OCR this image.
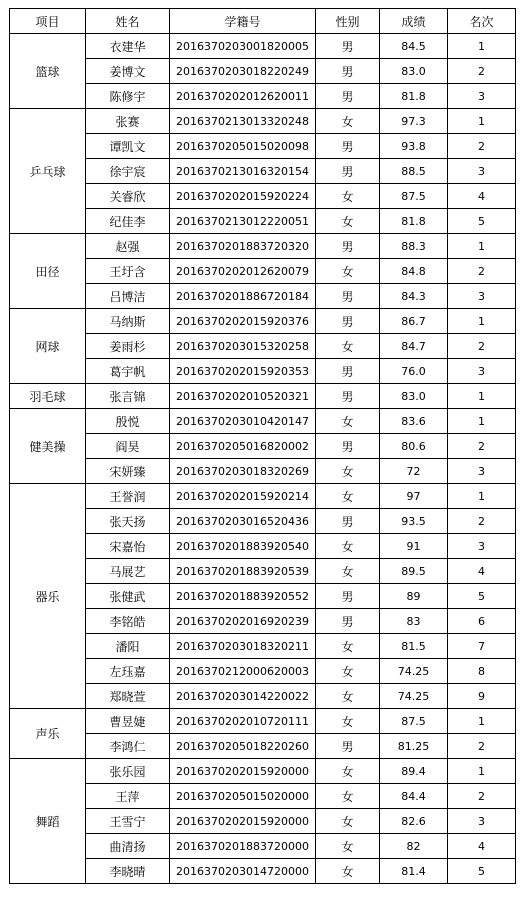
项目	姓名	学籍号	性别	成绩	名次
篮球	衣建华	2016370203001820005	男	84.5	1
	姜博文	2016370203018220249	男	83.0	2
	陈修宇	2016370202012620011	男	81.8	3
乒乓球	张赛	2016370213013320248	女	97.3	1
	谭凯文	2016370205015020098	男	93.8	2
	徐宇宸	2016370213016320154	男	88.5	3
	关睿欣	2016370202015920224	女	87.5	4
	纪佳李	2016370213012220051	女	81.8	5
田径	赵强	2016370201883720320	男	88.3	1
	王圩含	2016370202012620079	女	84.8	2
	吕博洁	2016370201886720184	男	84.3	3
网球	马纳斯	2016370202015920376	男	86.7	1
	姜雨杉	2016370203015320258	女	84.7	2
	葛宇帆	2016370202015920353	男	76.0	3
羽毛球	张言锦	2016370202010520321	男	83.0	1
健美操	殷悦	2016370203010420147	女	83.6	1
	阎昊	2016370205016820002	男	80.6	2
	宋妍臻	2016370203018320269	女	72	3
器乐	王誉润	2016370202015920214	女	97	1
	张天扬	2016370203016520436	男	93.5	2
	宋嘉怡	2016370201883920540	女	91	3
	马展艺	2016370201883920539	女	89.5	4
	张健武	2016370201883920552	男	89	5
	李铭皓	2016370202016920239	男	83	6
	潘阳	2016370203018320211	女	81.5	7
	左珏嘉	2016370212000620003	女	74.25	8
	郑晓萱	2016370203014220022	女	74.25	9
声乐	曹昱婕	2016370202010720111	女	87.5	1
	李鸿仁	2016370205018220260	男	81.25	2
舞蹈	张乐园	2016370202015920000	女	89.4	1
	王萍	2016370205015020000	女	84.4	2
	王雪宁	2016370202015920000	女	82.6	3
	曲清扬	2016370201883720000	女	82	4
	李晓晴	2016370203014720000	女	81.4	5
